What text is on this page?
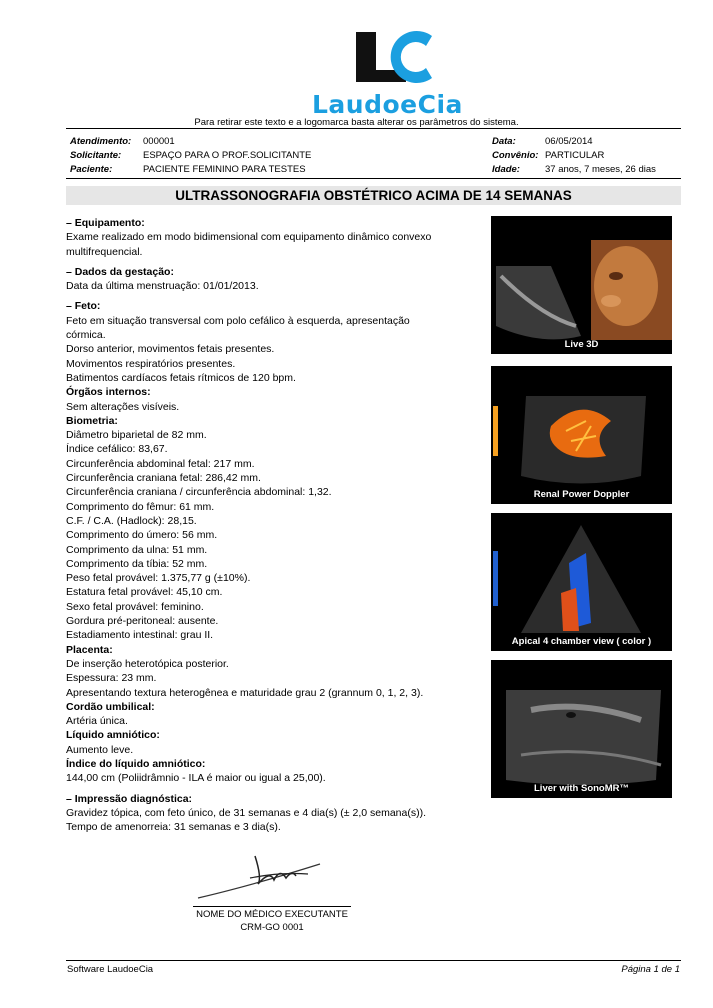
LaudoeCia
Para retirar este texto e a logomarca basta alterar os parâmetros do sistema.
Atendimento: 000001
Solicitante: ESPAÇO PARA O PROF.SOLICITANTE
Paciente:	PACIENTE FEMININO PARA TESTES
Data:	06/05/2014
Convênio: PARTICULAR
Idade:	37 anos, 7 meses, 26 dias
ULTRASSONOGRAFIA OBSTÉTRICO ACIMA DE 14 SEMANAS

– Equipamento:

Exame realizado em modo bidimensional com equipamento dinâmico convexo

multifrequencial.

– Dados da gestação:

Data da última menstruação: 01/01/2013.

– Feto:

Feto em situação transversal com polo cefálico à esquerda, apresentação

córmica.

Dorso anterior, movimentos fetais presentes.

Movimentos respiratórios presentes.

Batimentos cardíacos fetais rítmicos de 120 bpm.

Órgãos internos:

Sem alterações visíveis.

Biometria:

Diâmetro biparietal de 82 mm.

Índice cefálico: 83,67.

Circunferência abdominal fetal: 217 mm.

Circunferência craniana fetal: 286,42 mm.

Circunferência craniana / circunferência abdominal: 1,32.

Comprimento do fêmur: 61 mm.

C.F. / C.A. (Hadlock): 28,15.

Comprimento do úmero: 56 mm.

Comprimento da ulna: 51 mm.

Comprimento da tíbia: 52 mm.

Peso fetal provável: 1.375,77 g (±10%).

Estatura fetal provável: 45,10 cm.

Sexo fetal provável: feminino.

Gordura pré-peritoneal: ausente.

Estadiamento intestinal: grau II.

Placenta:

De inserção heterotópica posterior.

Espessura: 23 mm.

Apresentando textura heterogênea e maturidade grau 2 (grannum 0, 1, 2, 3).

Cordão umbilical:

Artéria única.

Líquido amniótico:

Aumento leve.

Índice do líquido amniótico:

144,00 cm (Poliidrâmnio - ILA é maior ou igual a 25,00).

– Impressão diagnóstica:

Gravidez tópica, com feto único, de 31 semanas e 4 dia(s) (± 2,0 semana(s)).

Tempo de amenorreia: 31 semanas e 3 dia(s).

Live 3D
Renal Power Doppler
Apical 4 chamber view ( color )
Liver with SonoMR™
NOME DO MÉDICO EXECUTANTE
CRM-GO 0001
Software LaudoeCia	Página 1 de 1
